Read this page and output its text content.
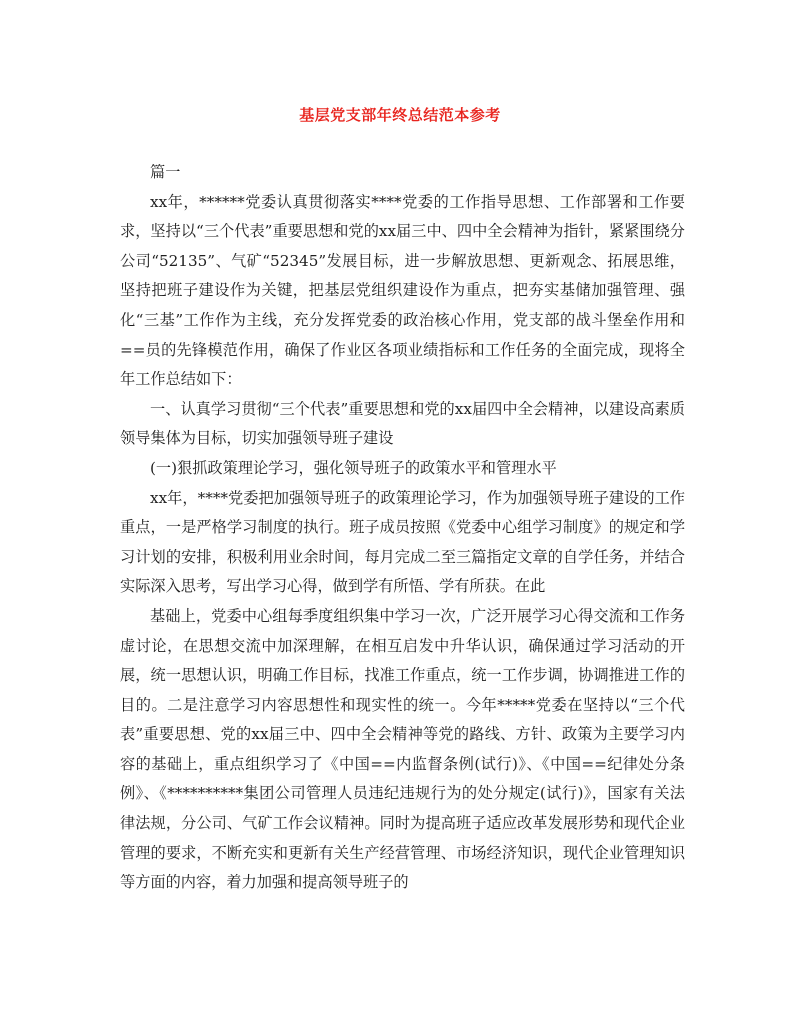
基层党支部年终总结范本参考

篇一

xx年，******党委认真贯彻落实****党委的工作指导思想、工作部署和工作要求，坚持以“三个代表”重要思想和党的xx届三中、四中全会精神为指针，紧紧围绕分公司“52135”、气矿“52345”发展目标，进一步解放思想、更新观念、拓展思维，坚持把班子建设作为关键，把基层党组织建设作为重点，把夯实基储加强管理、强化“三基”工作作为主线，充分发挥党委的政治核心作用，党支部的战斗堡垒作用和==员的先锋模范作用，确保了作业区各项业绩指标和工作任务的全面完成，现将全年工作总结如下：

一、认真学习贯彻“三个代表”重要思想和党的xx届四中全会精神，以建设高素质领导集体为目标，切实加强领导班子建设

(一)狠抓政策理论学习，强化领导班子的政策水平和管理水平

xx年，****党委把加强领导班子的政策理论学习，作为加强领导班子建设的工作重点，一是严格学习制度的执行。班子成员按照《党委中心组学习制度》的规定和学习计划的安排，积极利用业余时间，每月完成二至三篇指定文章的自学任务，并结合实际深入思考，写出学习心得，做到学有所悟、学有所获。在此

基础上，党委中心组每季度组织集中学习一次，广泛开展学习心得交流和工作务虚讨论，在思想交流中加深理解，在相互启发中升华认识，确保通过学习活动的开展，统一思想认识，明确工作目标，找准工作重点，统一工作步调，协调推进工作的目的。二是注意学习内容思想性和现实性的统一。今年*****党委在坚持以“三个代表”重要思想、党的xx届三中、四中全会精神等党的路线、方针、政策为主要学习内容的基础上，重点组织学习了《中国==内监督条例(试行)》、《中国==纪律处分条例》、《**********集团公司管理人员违纪违规行为的处分规定(试行)》，国家有关法律法规，分公司、气矿工作会议精神。同时为提高班子适应改革发展形势和现代企业管理的要求，不断充实和更新有关生产经营管理、市场经济知识，现代企业管理知识等方面的内容，着力加强和提高领导班子的
